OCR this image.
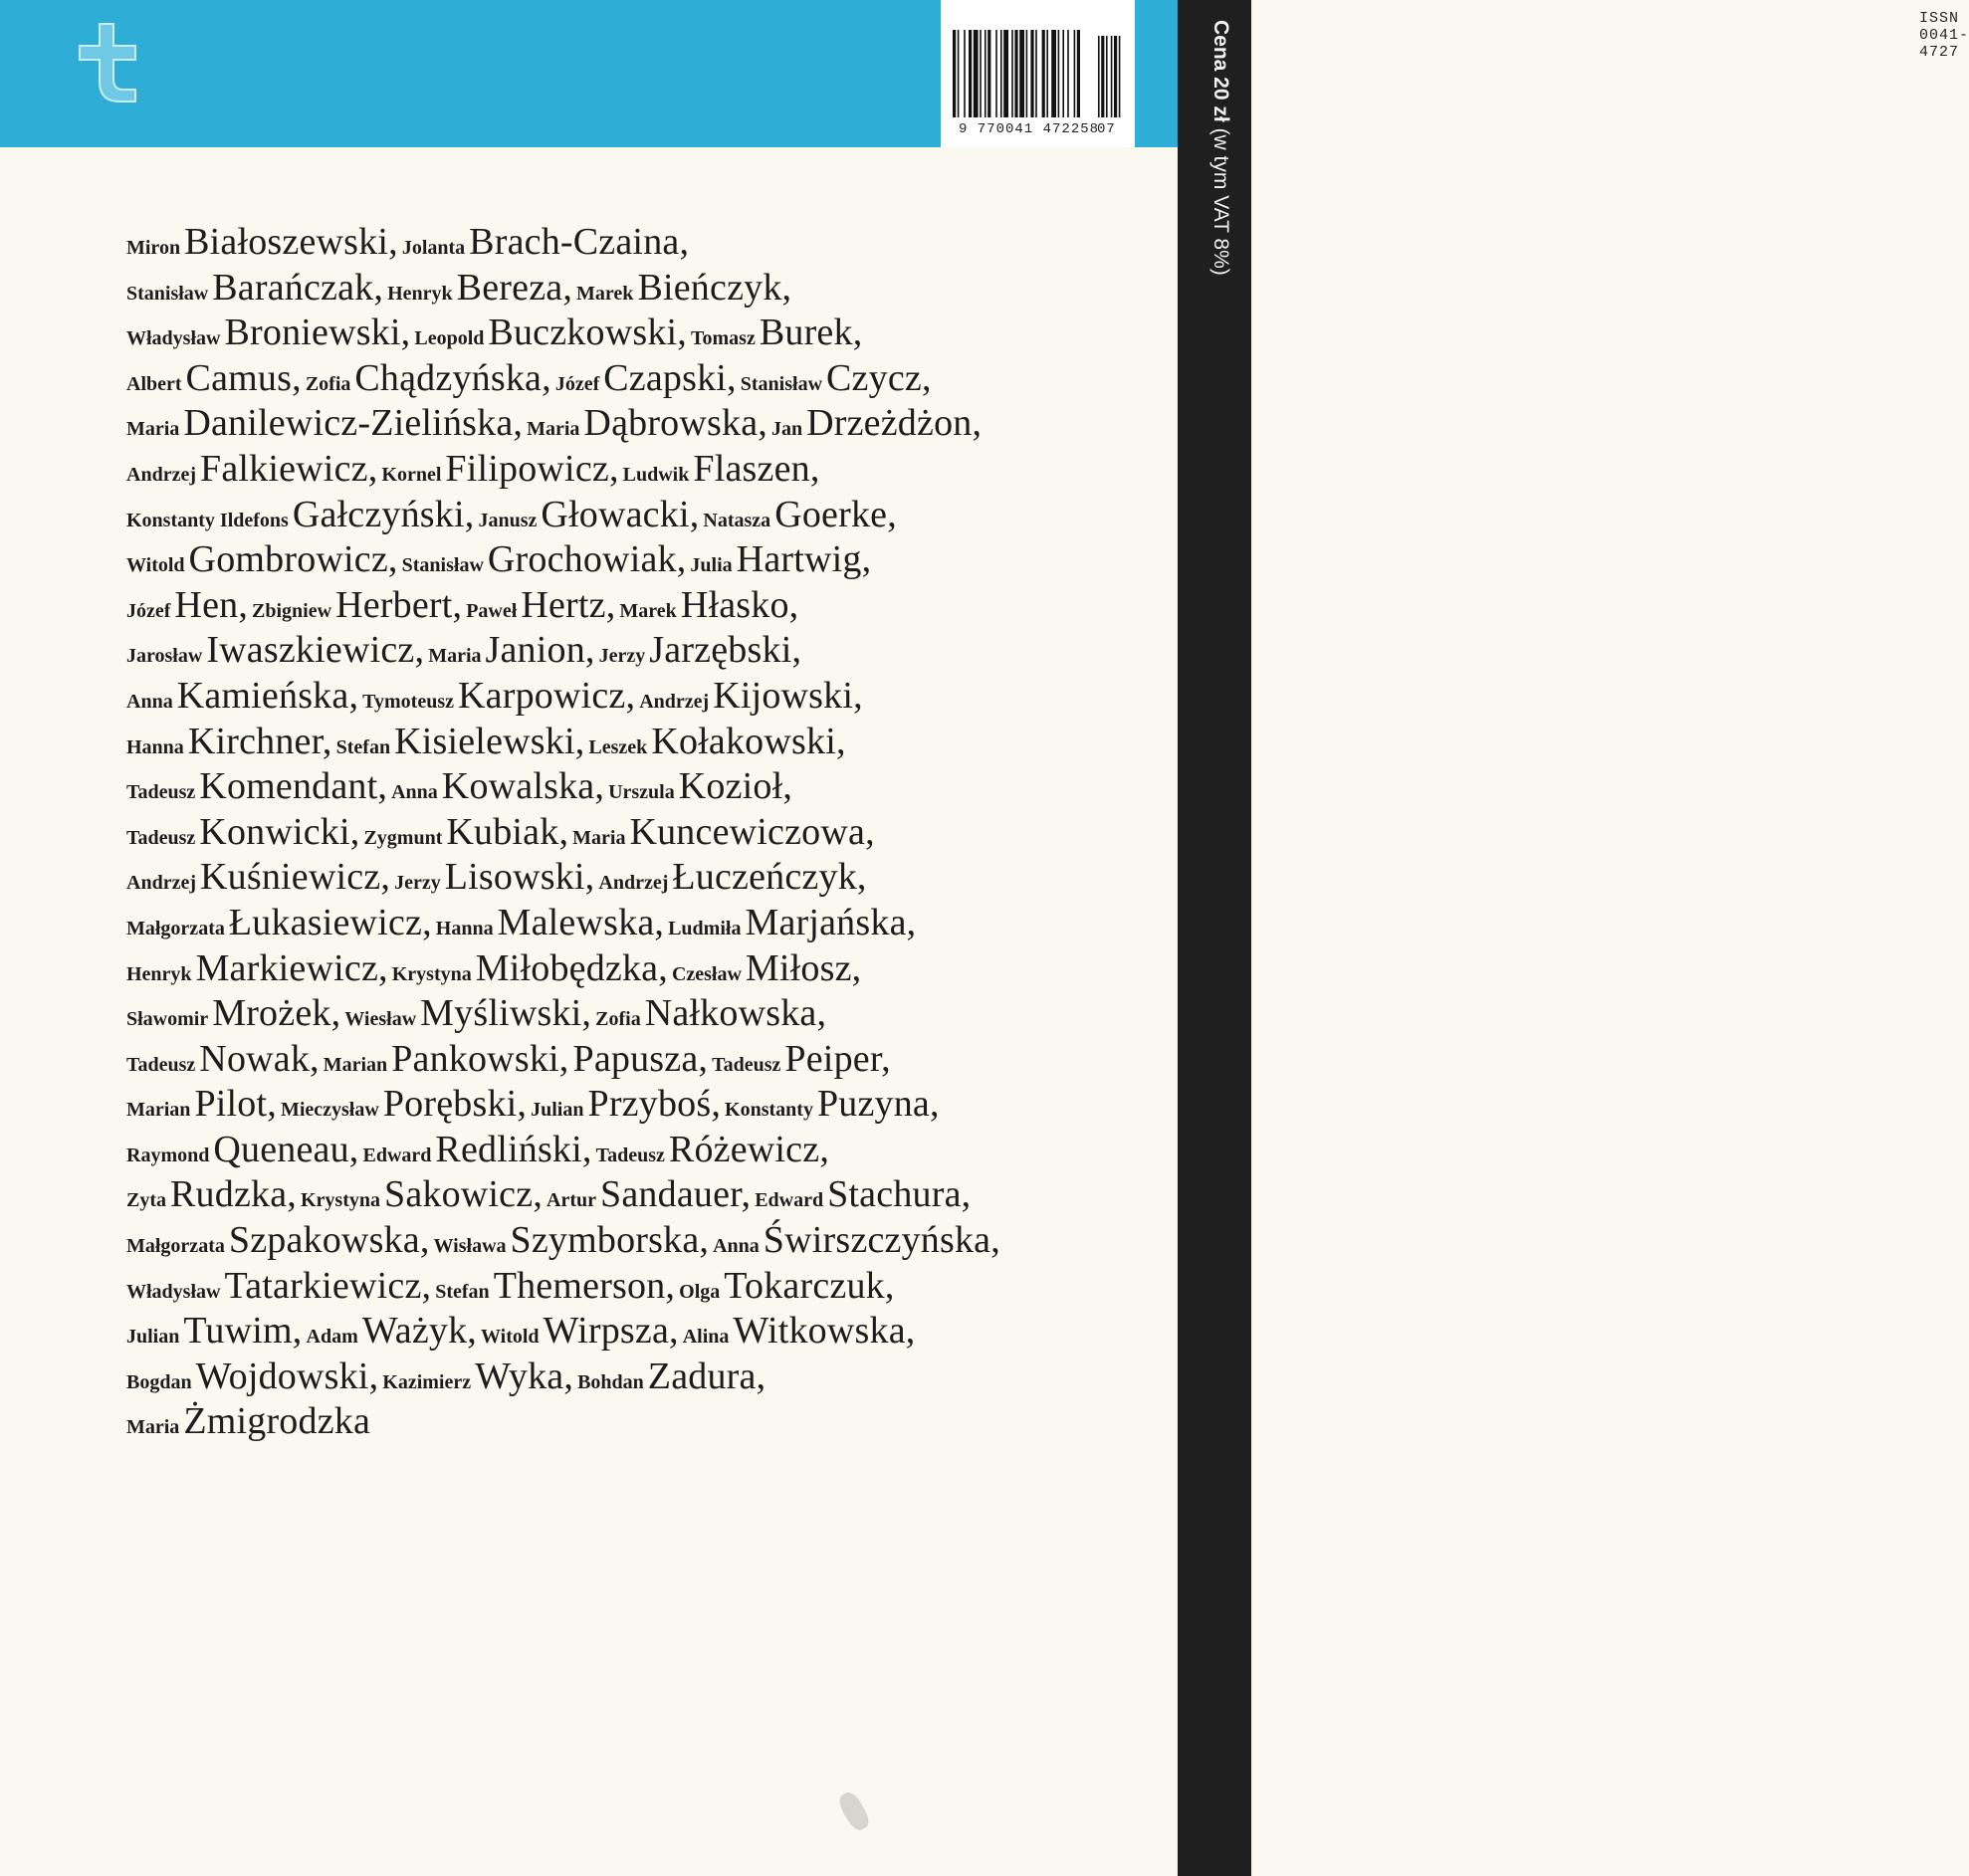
ISSN 0041-4727
9 770041 472258
07
Cena 20 zł (w tym VAT 8%)
Miron Białoszewski, Jolanta Brach-Czaina,
Stanisław Barańczak, Henryk Bereza, Marek Bieńczyk,
Władysław Broniewski, Leopold Buczkowski, Tomasz Burek,
Albert Camus, Zofia Chądzyńska, Józef Czapski, Stanisław Czycz,
Maria Danilewicz-Zielińska, Maria Dąbrowska, Jan Drzeżdżon,
Andrzej Falkiewicz, Kornel Filipowicz, Ludwik Flaszen,
Konstanty Ildefons Gałczyński, Janusz Głowacki, Natasza Goerke,
Witold Gombrowicz, Stanisław Grochowiak, Julia Hartwig,
Józef Hen, Zbigniew Herbert, Paweł Hertz, Marek Hłasko,
Jarosław Iwaszkiewicz, Maria Janion, Jerzy Jarzębski,
Anna Kamieńska, Tymoteusz Karpowicz, Andrzej Kijowski,
Hanna Kirchner, Stefan Kisielewski, Leszek Kołakowski,
Tadeusz Komendant, Anna Kowalska, Urszula Kozioł,
Tadeusz Konwicki, Zygmunt Kubiak, Maria Kuncewiczowa,
Andrzej Kuśniewicz, Jerzy Lisowski, Andrzej Łuczeńczyk,
Małgorzata Łukasiewicz, Hanna Malewska, Ludmiła Marjańska,
Henryk Markiewicz, Krystyna Miłobędzka, Czesław Miłosz,
Sławomir Mrożek, Wiesław Myśliwski, Zofia Nałkowska,
Tadeusz Nowak, Marian Pankowski, Papusza, Tadeusz Peiper,
Marian Pilot, Mieczysław Porębski, Julian Przyboś, Konstanty Puzyna,
Raymond Queneau, Edward Redliński, Tadeusz Różewicz,
Zyta Rudzka, Krystyna Sakowicz, Artur Sandauer, Edward Stachura,
Małgorzata Szpakowska, Wisława Szymborska, Anna Świrszczyńska,
Władysław Tatarkiewicz, Stefan Themerson, Olga Tokarczuk,
Julian Tuwim, Adam Ważyk, Witold Wirpsza, Alina Witkowska,
Bogdan Wojdowski, Kazimierz Wyka, Bohdan Zadura,
Maria Żmigrodzka
